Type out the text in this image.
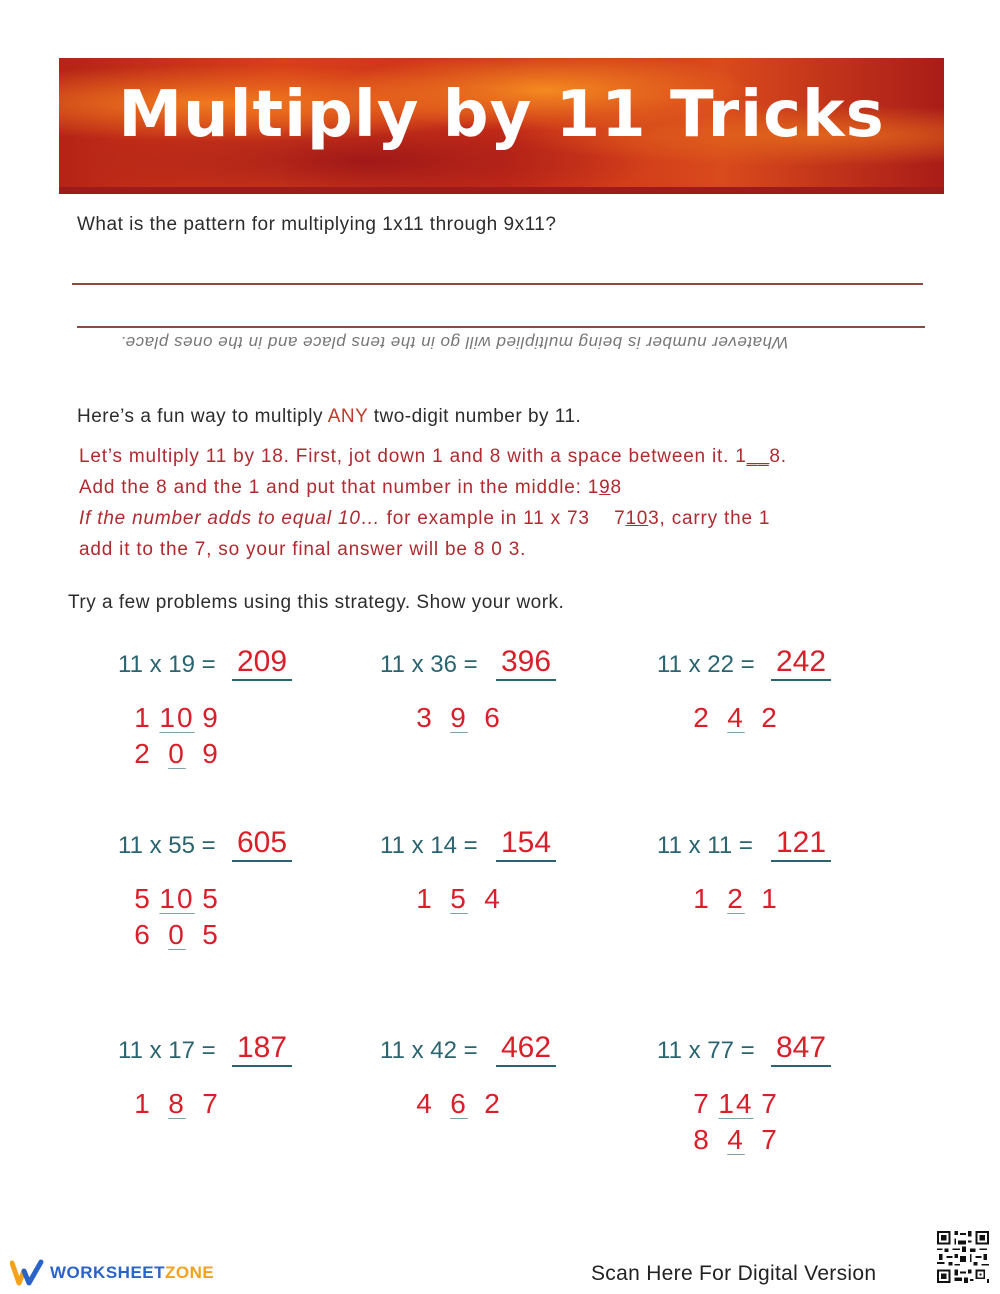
Multiply by 11 Tricks
What is the pattern for multiplying 1x11 through 9x11?
Whatever number is being multiplied will go in the tens place and in the ones place.
Here’s a fun way to multiply ANY two-digit number by 11.
Let’s multiply 11 by 18. First, jot down 1 and 8 with a space between it. 1__8.
Add the 8 and the 1 and put that number in the middle: 198
If the number adds to equal 10… for example in 11 x 73    7103, carry the 1
add it to the 7, so your final answer will be 8 0 3.
Try a few problems using this strategy. Show your work.
11 x 19 = 209
1 10 9
2 0 9
11 x 36 = 396
3 9 6
11 x 22 = 242
2 4 2
11 x 55 = 605
5 10 5
6 0 5
11 x 14 = 154
1 5 4
11 x 11 = 121
1 2 1
11 x 17 = 187
1 8 7
11 x 42 = 462
4 6 2
11 x 77 = 847
7 14 7
8 4 7
WORKSHEETZONE	Scan Here For Digital Version
